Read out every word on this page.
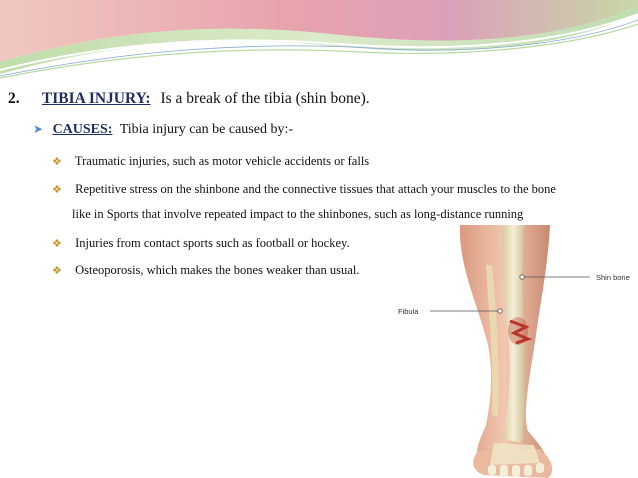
2. TIBIA INJURY: Is a break of the tibia (shin bone).
➤ CAUSES: Tibia injury can be caused by:-
❖ Traumatic injuries, such as motor vehicle accidents or falls
❖ Repetitive stress on the shinbone and the connective tissues that attach your muscles to the bone
like in Sports that involve repeated impact to the shinbones, such as long-distance running
❖ Injuries from contact sports such as football or hockey.
❖ Osteoporosis, which makes the bones weaker than usual.
Shin bone
Fibula
